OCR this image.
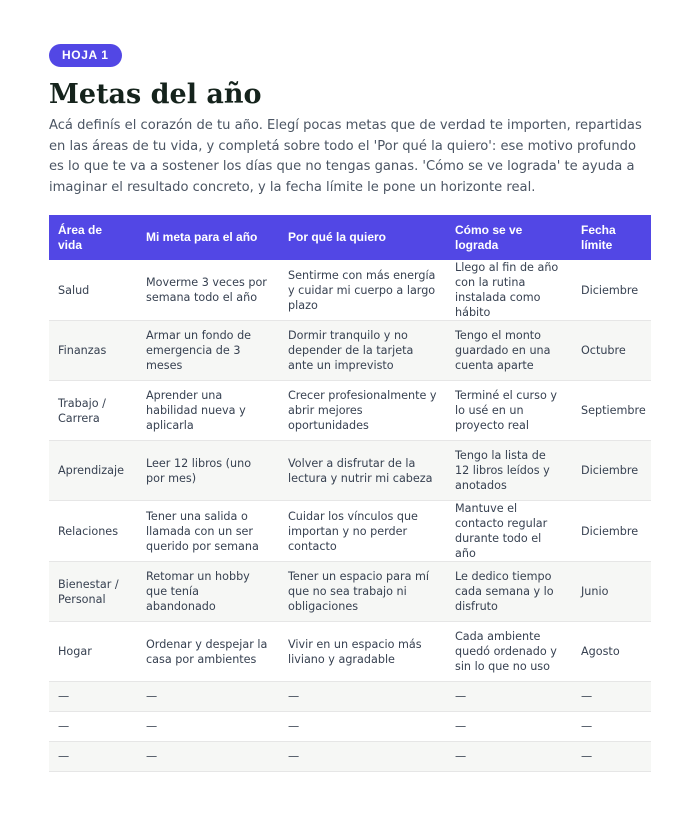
HOJA 1
Metas del año

Acá definís el corazón de tu año. Elegí pocas metas que de verdad te importen, repartidas en las áreas de tu vida, y completá sobre todo el 'Por qué la quiero': ese motivo profundo es lo que te va a sostener los días que no tengas ganas. 'Cómo se ve lograda' te ayuda a imaginar el resultado concreto, y la fecha límite le pone un horizonte real.

Área de vida	Mi meta para el año	Por qué la quiero	Cómo se ve lograda	Fecha límite
Salud	Moverme 3 veces por semana todo el año	Sentirme con más energía y cuidar mi cuerpo a largo plazo	Llego al fin de año con la rutina instalada como hábito	Diciembre
Finanzas	Armar un fondo de emergencia de 3 meses	Dormir tranquilo y no depender de la tarjeta ante un imprevisto	Tengo el monto guardado en una cuenta aparte	Octubre
Trabajo / Carrera	Aprender una habilidad nueva y aplicarla	Crecer profesionalmente y abrir mejores oportunidades	Terminé el curso y lo usé en un proyecto real	Septiembre
Aprendizaje	Leer 12 libros (uno por mes)	Volver a disfrutar de la lectura y nutrir mi cabeza	Tengo la lista de 12 libros leídos y anotados	Diciembre
Relaciones	Tener una salida o llamada con un ser querido por semana	Cuidar los vínculos que importan y no perder contacto	Mantuve el contacto regular durante todo el año	Diciembre
Bienestar / Personal	Retomar un hobby que tenía abandonado	Tener un espacio para mí que no sea trabajo ni obligaciones	Le dedico tiempo cada semana y lo disfruto	Junio
Hogar	Ordenar y despejar la casa por ambientes	Vivir en un espacio más liviano y agradable	Cada ambiente quedó ordenado y sin lo que no uso	Agosto
—	—	—	—	—
—	—	—	—	—
—	—	—	—	—
